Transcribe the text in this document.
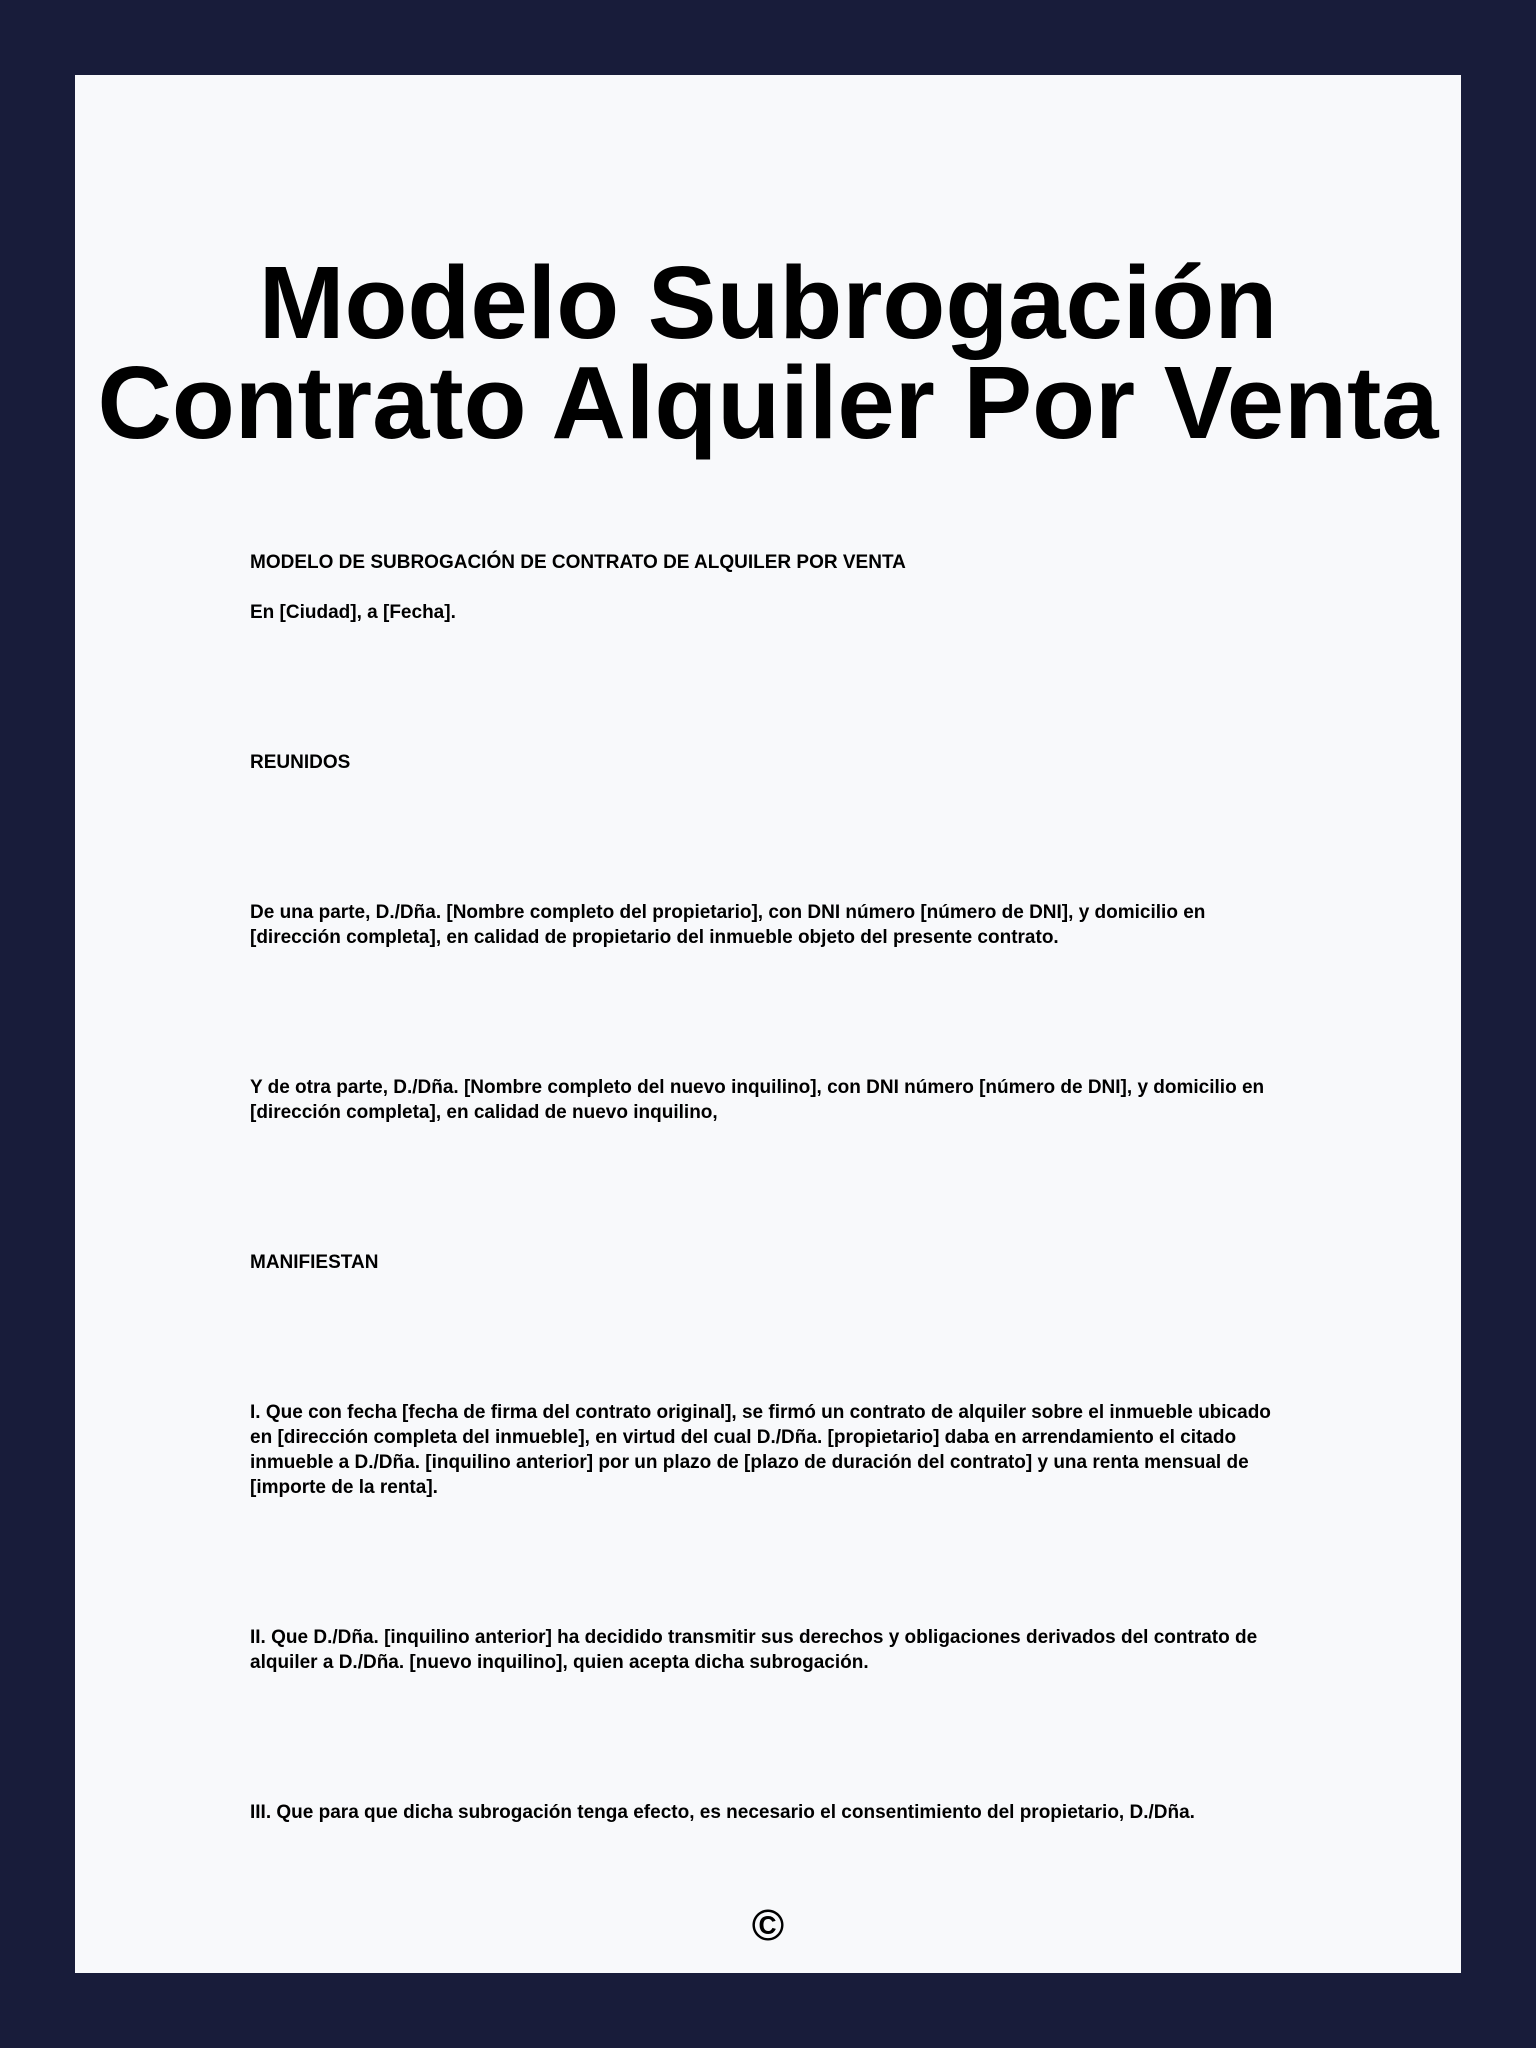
Modelo Subrogación
Contrato Alquiler Por Venta

MODELO DE SUBROGACIÓN DE CONTRATO DE ALQUILER POR VENTA

En [Ciudad], a [Fecha].

REUNIDOS

De una parte, D./Dña. [Nombre completo del propietario], con DNI número [número de DNI], y domicilio en [dirección completa], en calidad de propietario del inmueble objeto del presente contrato.

Y de otra parte, D./Dña. [Nombre completo del nuevo inquilino], con DNI número [número de DNI], y domicilio en [dirección completa], en calidad de nuevo inquilino,

MANIFIESTAN

I. Que con fecha [fecha de firma del contrato original], se firmó un contrato de alquiler sobre el inmueble ubicado en [dirección completa del inmueble], en virtud del cual D./Dña. [propietario] daba en arrendamiento el citado inmueble a D./Dña. [inquilino anterior] por un plazo de [plazo de duración del contrato] y una renta mensual de [importe de la renta].

II. Que D./Dña. [inquilino anterior] ha decidido transmitir sus derechos y obligaciones derivados del contrato de alquiler a D./Dña. [nuevo inquilino], quien acepta dicha subrogación.

III. Que para que dicha subrogación tenga efecto, es necesario el consentimiento del propietario, D./Dña.

©
